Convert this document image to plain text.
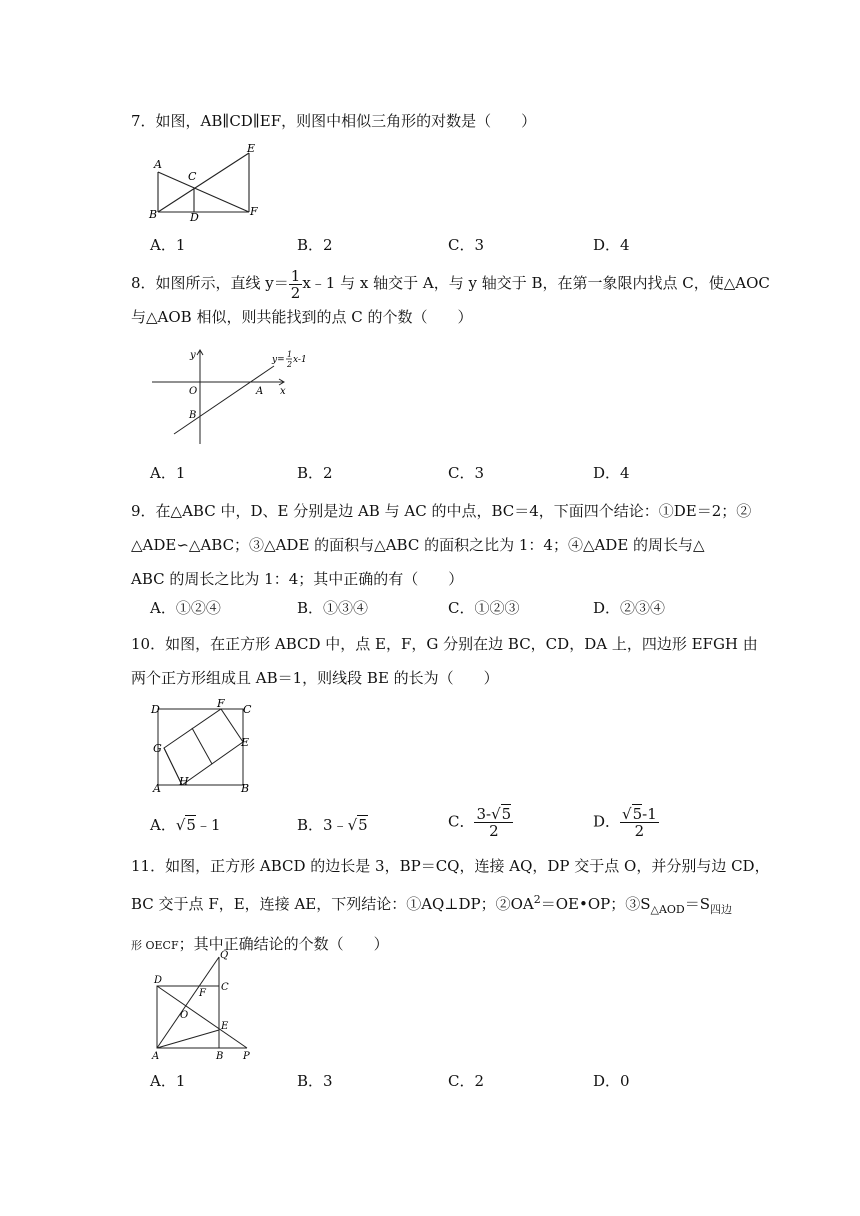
7．如图，AB∥CD∥EF，则图中相似三角形的对数是（　　）
A
B
C
D
E
F
A．1	B．2	C．3	D．4
8．如图所示，直线 $y= \frac{1}{2}$ x﹣1 与 x 轴交于 A，与 y 轴交于 B，在第一象限内找点 C，使△AOC
与△AOB 相似，则共能找到的点 C 的个数（　　）
y
x
O	A
B
y=
1
2 x-1
A．1	B．2	C．3	D．4
9．在△ABC 中，D、E 分别是边 AB 与 AC 的中点，BC＝4，下面四个结论：①DE＝2；②
△ADE∽△ABC；③△ADE 的面积与△ABC 的面积之比为 1：4；④△ADE 的周长与△
ABC 的周长之比为 1：4；其中正确的有（　　）
A．①②④	B．①③④	C．①②③	D．②③④
10．如图，在正方形 ABCD 中，点 E，F，G 分别在边 BC，CD，DA 上，四边形 EFGH 由
两个正方形组成且 AB＝1，则线段 BE 的长为（　　）
D	F C
G	E
H
A	B
A．√5﹣1	B．3﹣√5	C． $\frac{3-√5}{2}$	D． $\frac{√5-1}{2}$
11．如图，正方形 ABCD 的边长是 3，BP＝CQ，连接 AQ，DP 交于点 O，并分别与边 CD，
BC 交于点 F，E，连接 AE，下列结论：①AQ⊥DP；$②OA^2=OE•OP$；$③S_{\triangle AOD}=S_{四边}$
形 OECF；其中正确结论的个数（　　）
Q
D
F
C
O
E
A	B P
A．1	B．3	C．2	D．0
